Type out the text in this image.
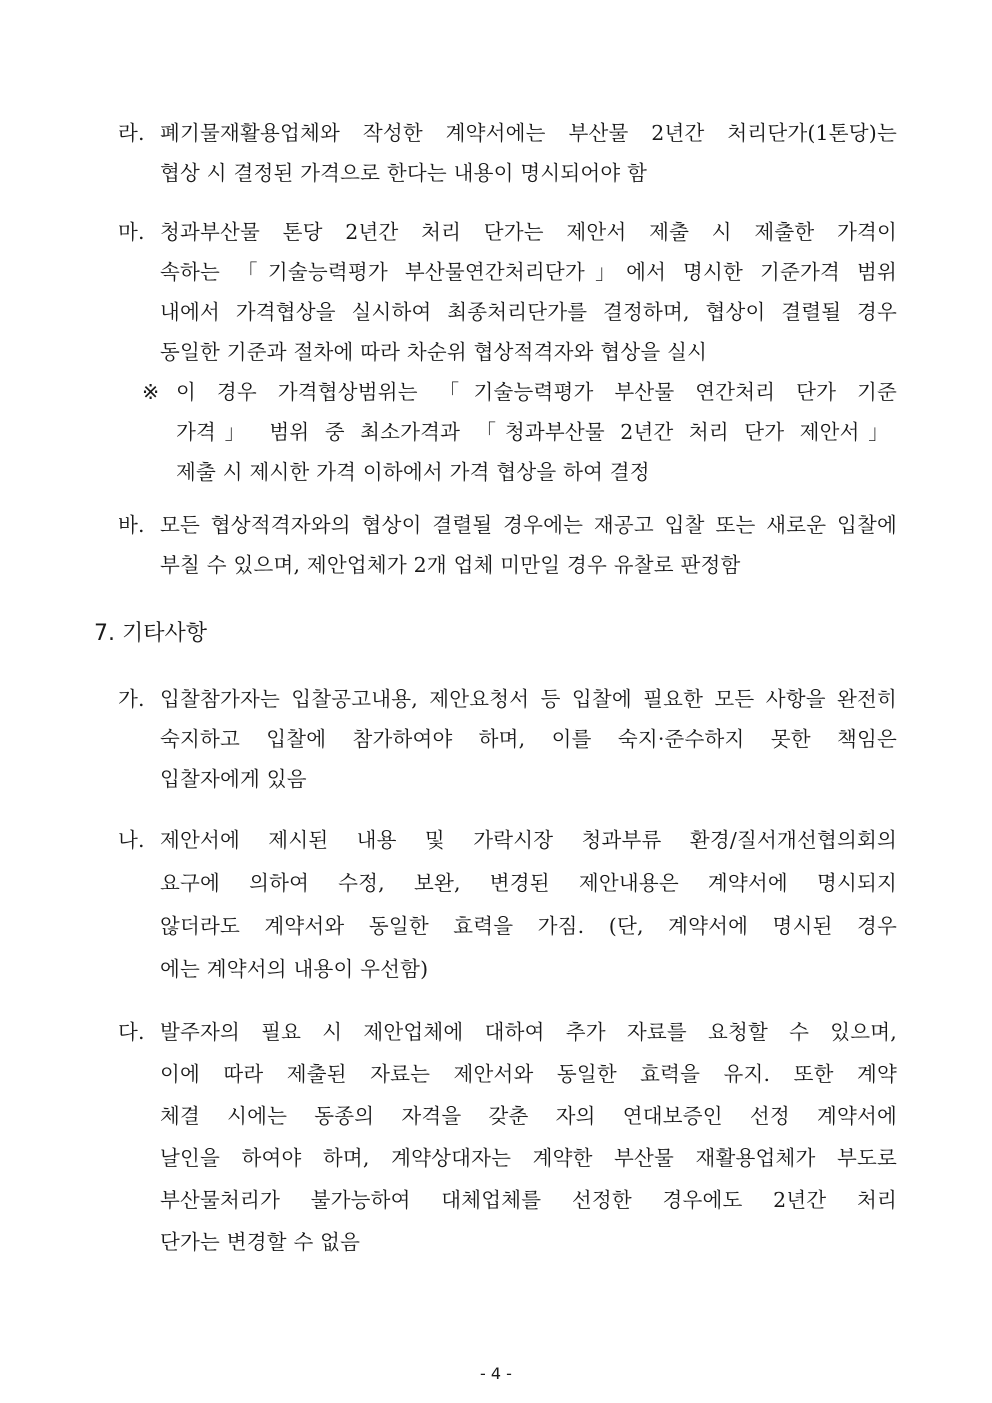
라. 폐기물재활용업체와 작성한 계약서에는 부산물 2년간 처리단가(1톤당)는
협상 시 결정된 가격으로 한다는 내용이 명시되어야 함
마. 청과부산물 톤당 2년간 처리 단가는 제안서 제출 시 제출한 가격이
속하는 「기술능력평가 부산물연간처리단가」에서 명시한 기준가격 범위
내에서 가격협상을 실시하여 최종처리단가를 결정하며, 협상이 결렬될 경우
동일한 기준과 절차에 따라 차순위 협상적격자와 협상을 실시
※ 이 경우 가격협상범위는 「기술능력평가 부산물 연간처리 단가 기준
가격」 범위 중 최소가격과 「청과부산물 2년간 처리 단가 제안서」
제출 시 제시한 가격 이하에서 가격 협상을 하여 결정
바. 모든 협상적격자와의 협상이 결렬될 경우에는 재공고 입찰 또는 새로운 입찰에
부칠 수 있으며, 제안업체가 2개 업체 미만일 경우 유찰로 판정함
7. 기타사항
가. 입찰참가자는 입찰공고내용, 제안요청서 등 입찰에 필요한 모든 사항을 완전히
숙지하고 입찰에 참가하여야 하며, 이를 숙지·준수하지 못한 책임은
입찰자에게 있음
나. 제안서에 제시된 내용 및 가락시장 청과부류 환경/질서개선협의회의
요구에 의하여 수정, 보완, 변경된 제안내용은 계약서에 명시되지
않더라도 계약서와 동일한 효력을 가짐. (단, 계약서에 명시된 경우
에는 계약서의 내용이 우선함)
다. 발주자의 필요 시 제안업체에 대하여 추가 자료를 요청할 수 있으며,
이에 따라 제출된 자료는 제안서와 동일한 효력을 유지. 또한 계약
체결 시에는 동종의 자격을 갖춘 자의 연대보증인 선정 계약서에
날인을 하여야 하며, 계약상대자는 계약한 부산물 재활용업체가 부도로
부산물처리가 불가능하여 대체업체를 선정한 경우에도 2년간 처리
단가는 변경할 수 없음
- 4 -
